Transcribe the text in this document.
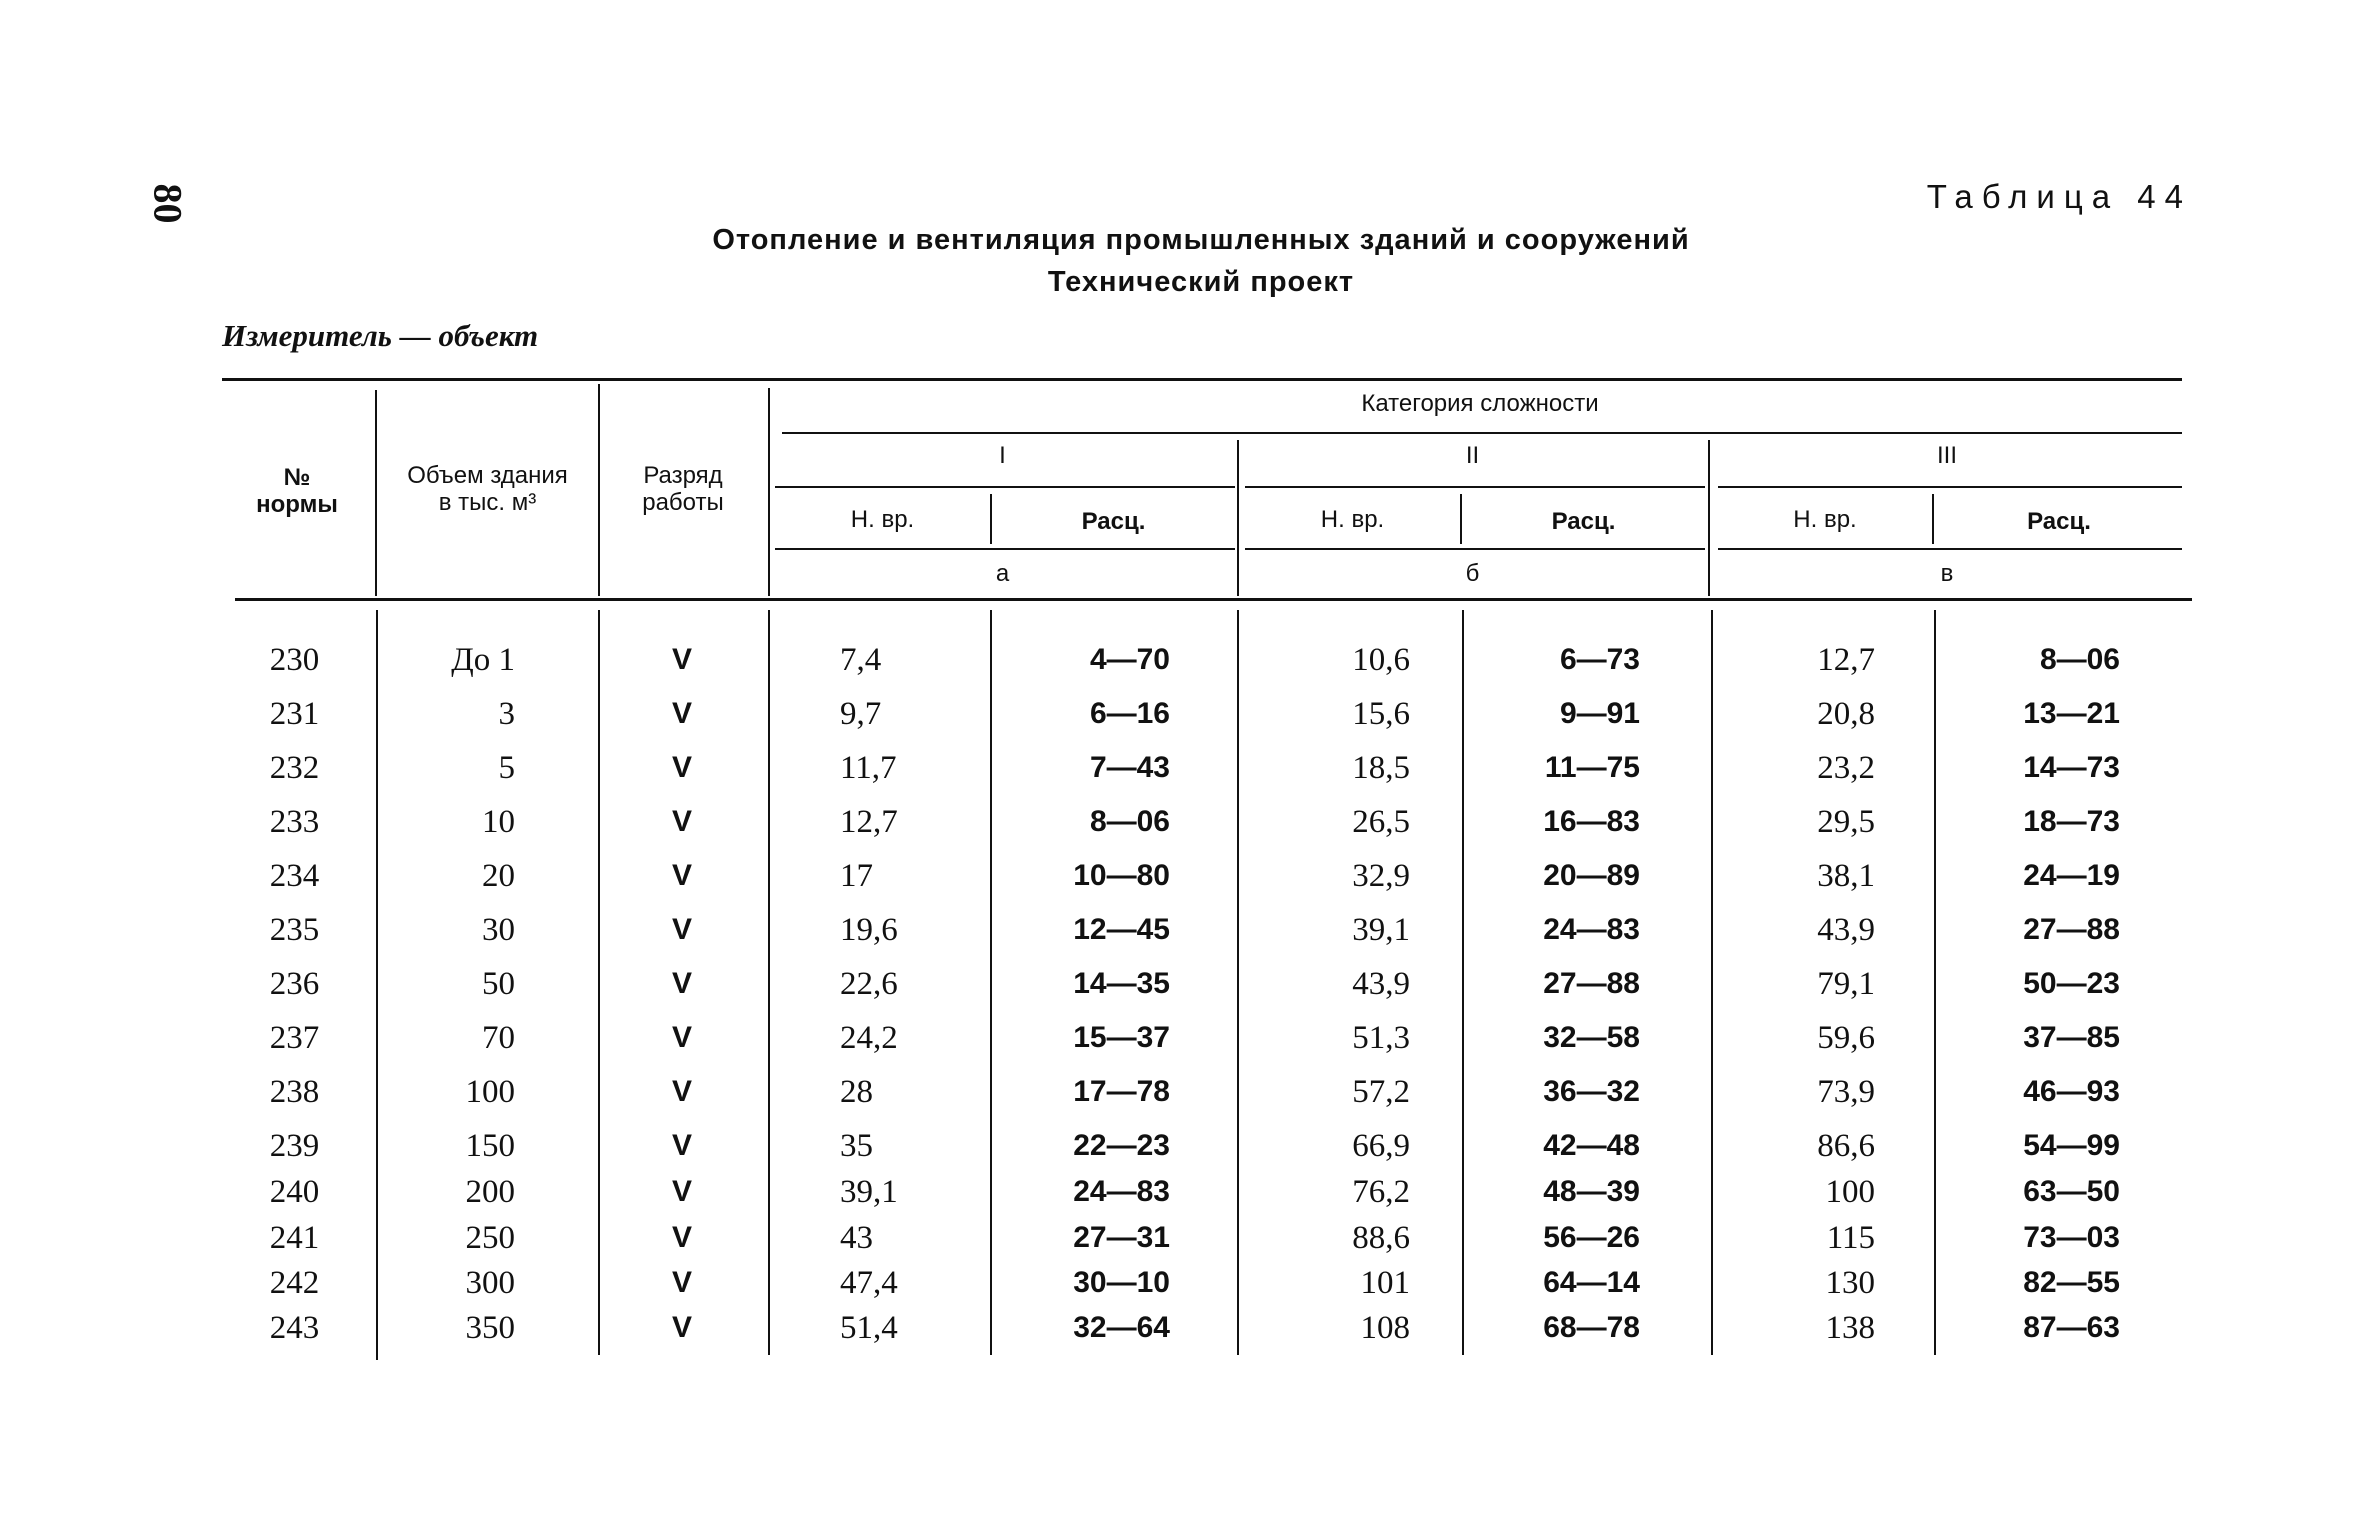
80	Таблица 44
Отопление и вентиляция промышленных зданий и сооружений
Технический проект
Измеритель — объект
№
нормы
Объем здания
в тыс. м³
Разряд
работы
Категория сложности
I	II	III
Н. вр.	Расц.	Н. вр.	Расц.	Н. вр.	Расц.
а	б	в
230	До 1	V	7,4	4—70	10,6	6—73	12,7	8—06
231	3	V	9,7	6—16	15,6	9—91	20,8	13—21
232	5	V	11,7	7—43	18,5	11—75	23,2	14—73
233	10	V	12,7	8—06	26,5	16—83	29,5	18—73
234	20	V	17	10—80	32,9	20—89	38,1	24—19
235	30	V	19,6	12—45	39,1	24—83	43,9	27—88
236	50	V	22,6	14—35	43,9	27—88	79,1	50—23
237	70	V	24,2	15—37	51,3	32—58	59,6	37—85
238	100	V	28	17—78	57,2	36—32	73,9	46—93
239	150	V	35	22—23	66,9	42—48	86,6	54—99
240	200	V	39,1	24—83	76,2	48—39	100	63—50
241	250	V	43	27—31	88,6	56—26	115	73—03
242	300	V	47,4	30—10	101	64—14	130	82—55
243	350	V	51,4	32—64	108	68—78	138	87—63
